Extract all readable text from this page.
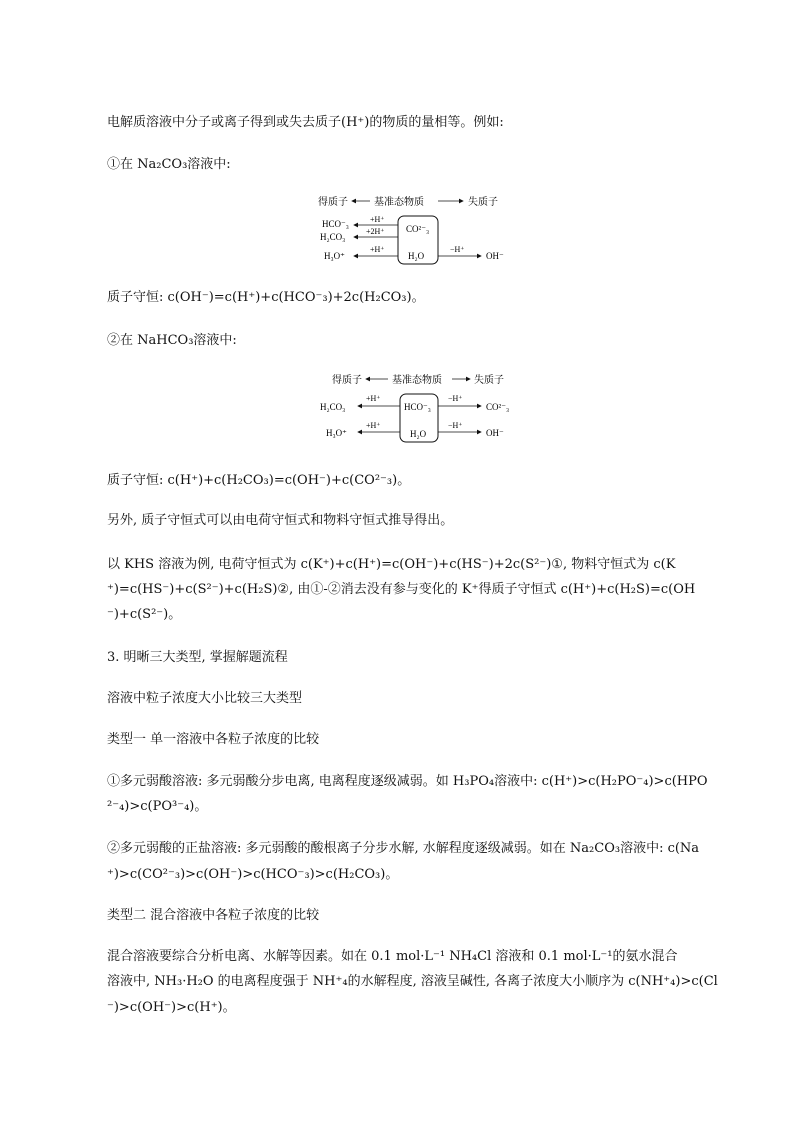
电解质溶液中分子或离子得到或失去质子(H⁺)的物质的量相等。例如:
①在 Na₂CO₃溶液中:
质子守恒: c(OH⁻)=c(H⁺)+c(HCO⁻₃)+2c(H₂CO₃)。
②在 NaHCO₃溶液中:
质子守恒: c(H⁺)+c(H₂CO₃)=c(OH⁻)+c(CO²⁻₃)。
另外, 质子守恒式可以由电荷守恒式和物料守恒式推导得出。
以 KHS 溶液为例, 电荷守恒式为 c(K⁺)+c(H⁺)=c(OH⁻)+c(HS⁻)+2c(S²⁻)①, 物料守恒式为 c(K
⁺)=c(HS⁻)+c(S²⁻)+c(H₂S)②, 由①-②消去没有参与变化的 K⁺得质子守恒式 c(H⁺)+c(H₂S)=c(OH
⁻)+c(S²⁻)。
3. 明晰三大类型, 掌握解题流程
溶液中粒子浓度大小比较三大类型
类型一 单一溶液中各粒子浓度的比较
①多元弱酸溶液: 多元弱酸分步电离, 电离程度逐级减弱。如 H₃PO₄溶液中: c(H⁺)>c(H₂PO⁻₄)>c(HPO
²⁻₄)>c(PO³⁻₄)。
②多元弱酸的正盐溶液: 多元弱酸的酸根离子分步水解, 水解程度逐级减弱。如在 Na₂CO₃溶液中: c(Na
⁺)>c(CO²⁻₃)>c(OH⁻)>c(HCO⁻₃)>c(H₂CO₃)。
类型二 混合溶液中各粒子浓度的比较
混合溶液要综合分析电离、水解等因素。如在 0.1 mol·L⁻¹ NH₄Cl 溶液和 0.1 mol·L⁻¹的氨水混合
溶液中, NH₃·H₂O 的电离程度强于 NH⁺₄的水解程度, 溶液呈碱性, 各离子浓度大小顺序为 c(NH⁺₄)>c(Cl
⁻)>c(OH⁻)>c(H⁺)。
得质子	基准态物质	失质子
CO²⁻₃
H₂O
HCO⁻₃
H₂CO₃
H₃O⁺
+H⁺
+2H⁺
+H⁺	−H⁺
OH⁻
得质子	基准态物质	失质子
HCO⁻₃
H₂O
H₂CO₃
H₃O⁺
+H⁺
+H⁺
−H⁺
−H⁺
CO²⁻₃
OH⁻
